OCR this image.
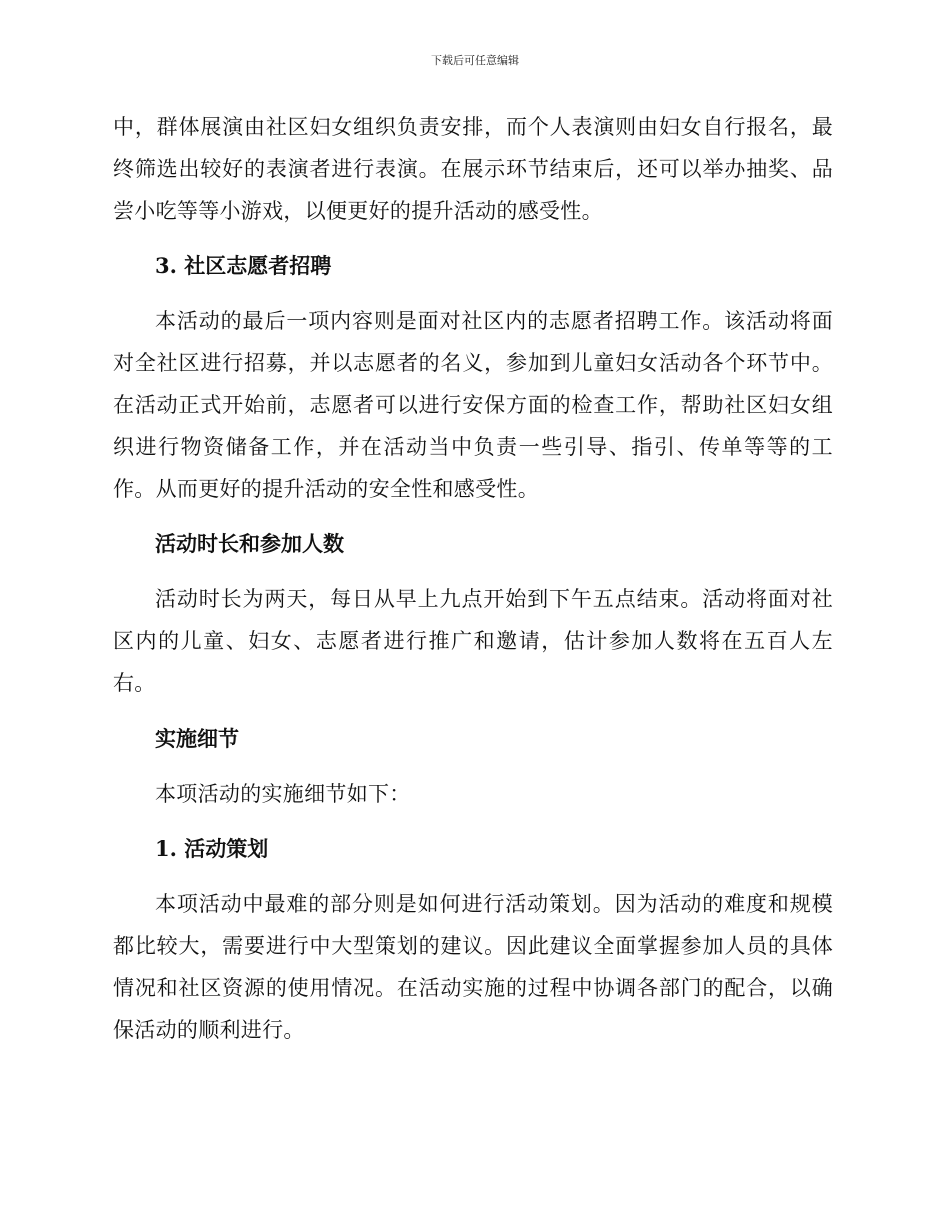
下载后可任意编辑

中，群体展演由社区妇女组织负责安排，而个人表演则由妇女自行报名，最终筛选出较好的表演者进行表演。在展示环节结束后，还可以举办抽奖、品尝小吃等等小游戏，以便更好的提升活动的感受性。

3. 社区志愿者招聘

本活动的最后一项内容则是面对社区内的志愿者招聘工作。该活动将面对全社区进行招募，并以志愿者的名义，参加到儿童妇女活动各个环节中。在活动正式开始前，志愿者可以进行安保方面的检查工作，帮助社区妇女组织进行物资储备工作，并在活动当中负责一些引导、指引、传单等等的工作。从而更好的提升活动的安全性和感受性。

活动时长和参加人数

活动时长为两天，每日从早上九点开始到下午五点结束。活动将面对社区内的儿童、妇女、志愿者进行推广和邀请，估计参加人数将在五百人左右。

实施细节

本项活动的实施细节如下：

1. 活动策划

本项活动中最难的部分则是如何进行活动策划。因为活动的难度和规模都比较大，需要进行中大型策划的建议。因此建议全面掌握参加人员的具体情况和社区资源的使用情况。在活动实施的过程中协调各部门的配合，以确保活动的顺利进行。
